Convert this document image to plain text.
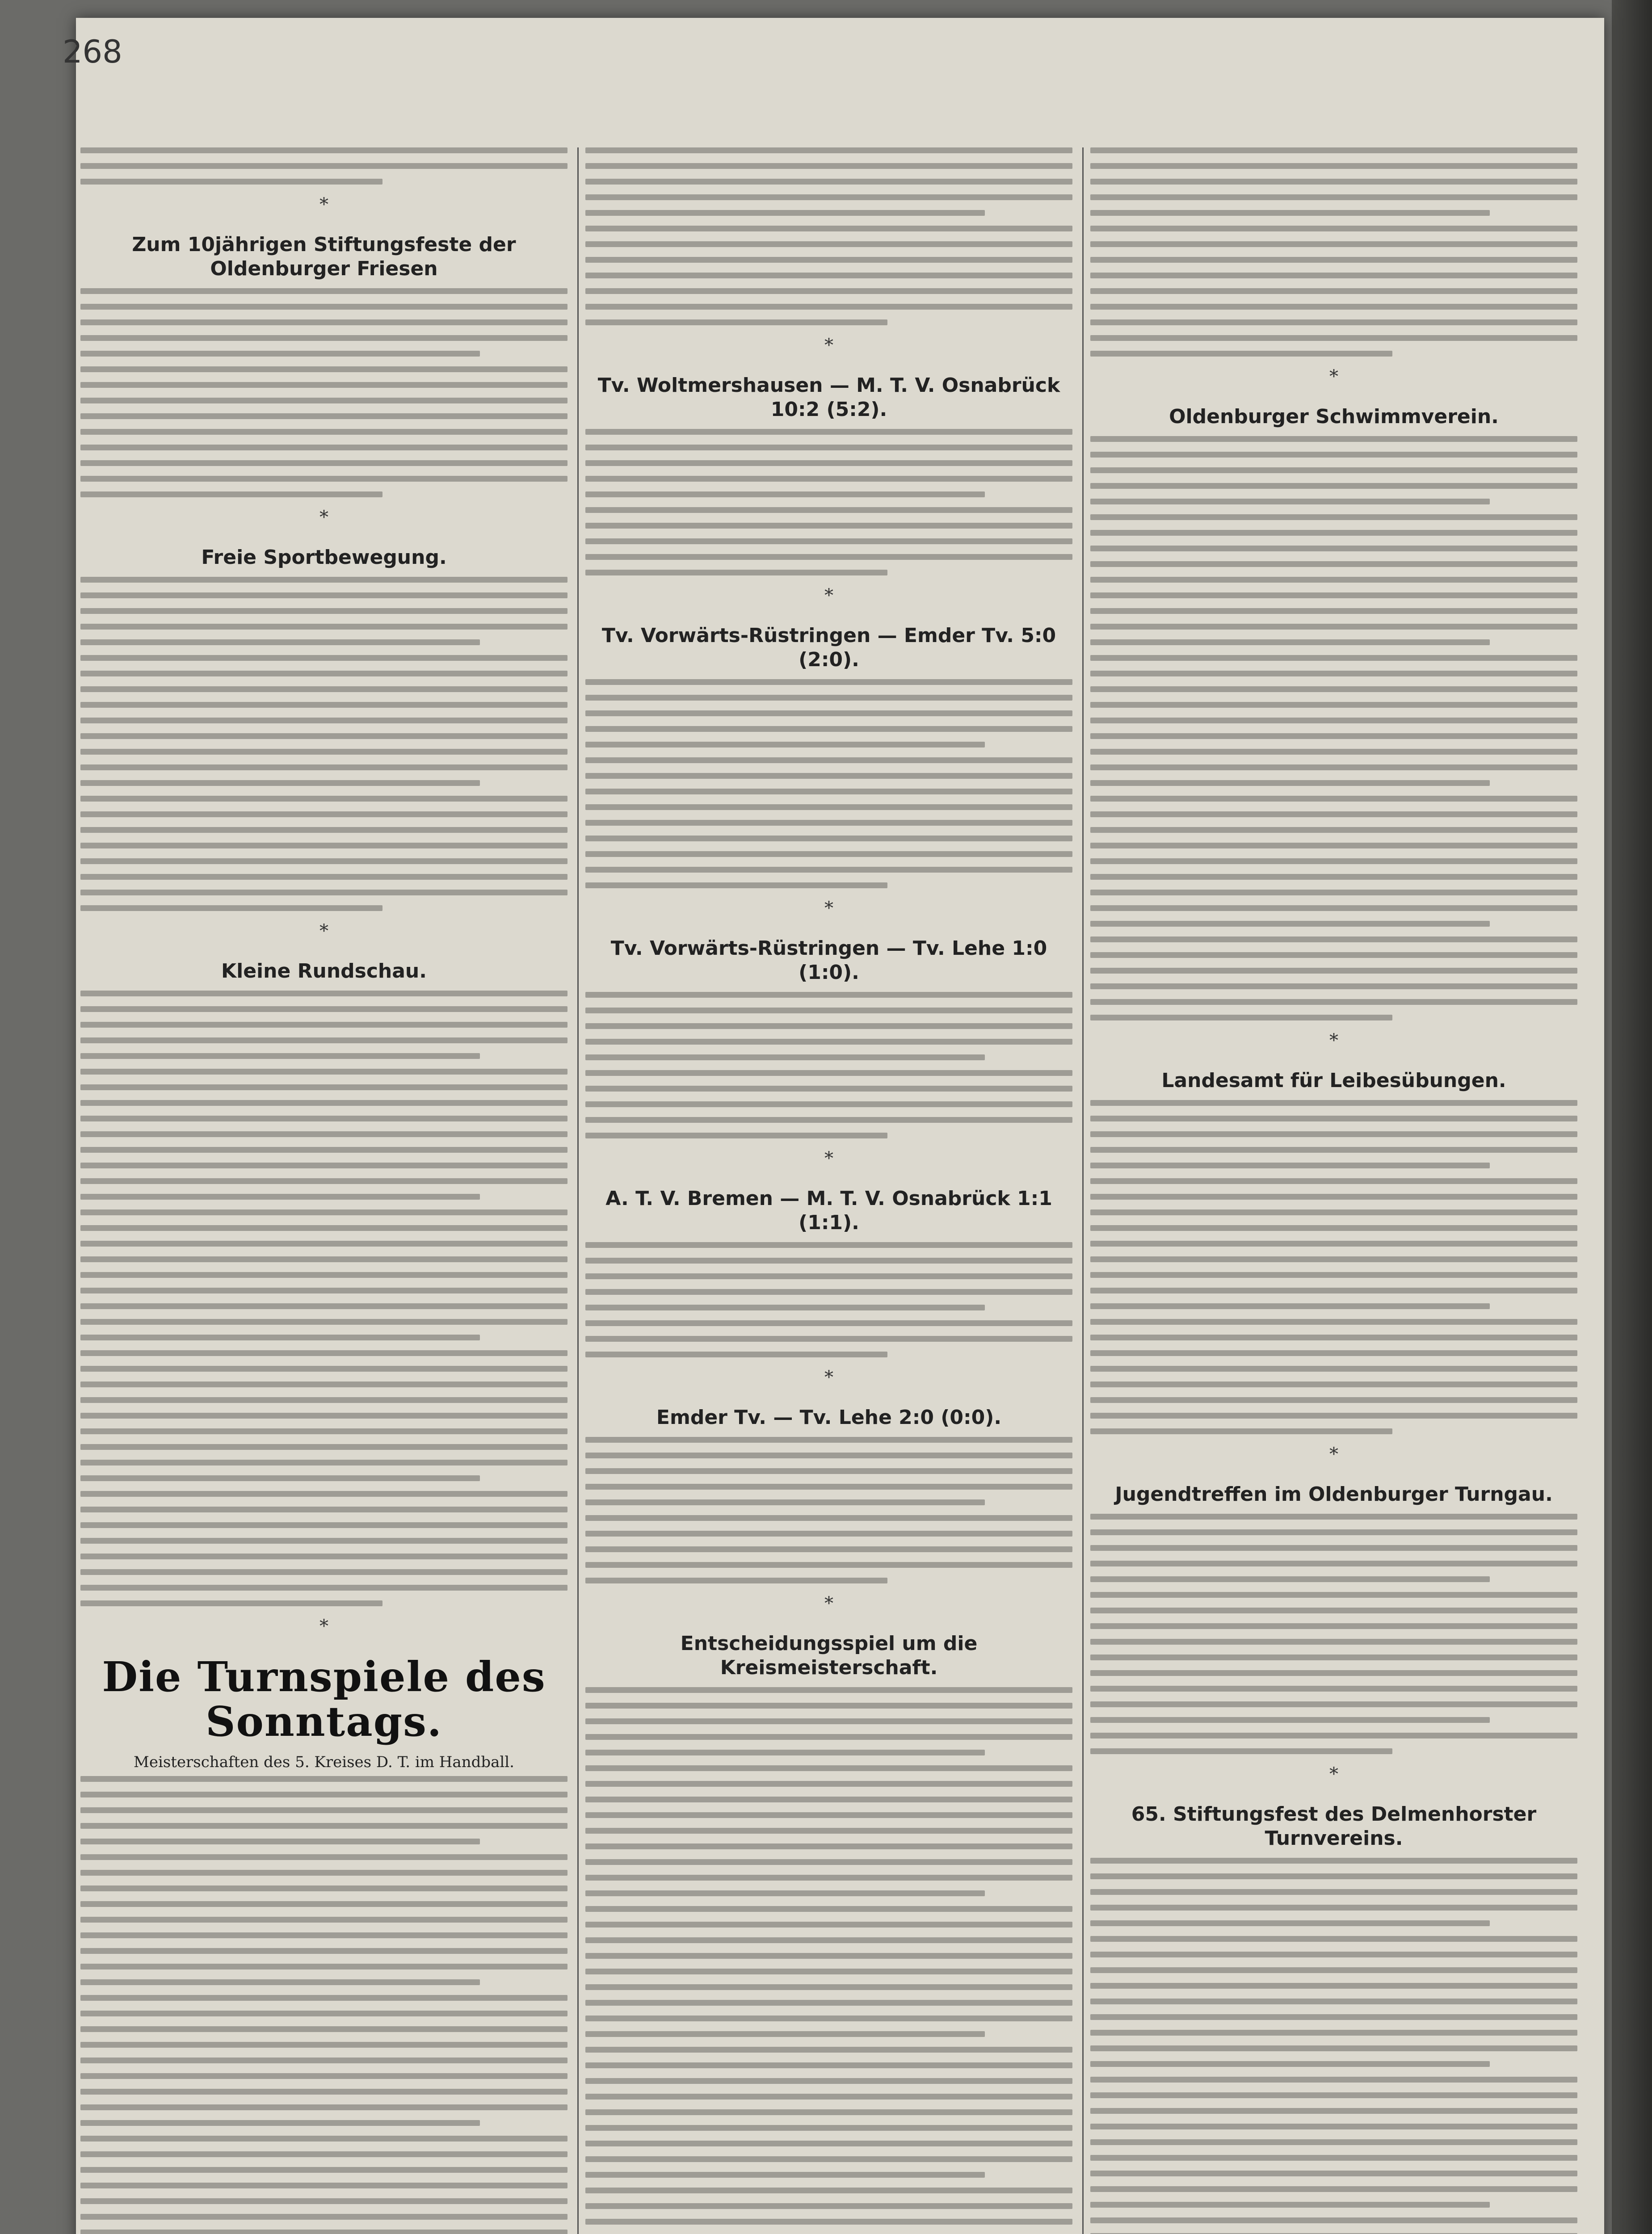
268
*
Zum 10jährigen Stiftungsfeste der Oldenburger Friesen
*
Freie Sportbewegung.
*
Kleine Rundschau.
*
Die Turnspiele des Sonntags.
Meisterschaften des 5. Kreises D. T. im Handball.
*
Tv. Woltmershausen — M. T. V. Osnabrück 10:2 (5:2).
*
Tv. Vorwärts-Rüstringen — Emder Tv. 5:0 (2:0).
*
Tv. Vorwärts-Rüstringen — Tv. Lehe 1:0 (1:0).
*
A. T. V. Bremen — M. T. V. Osnabrück 1:1 (1:1).
*
Emder Tv. — Tv. Lehe 2:0 (0:0).
*
Entscheidungsspiel um die Kreismeisterschaft.
*
Oldenburger Schwimmverein.
*
Landesamt für Leibesübungen.
*
Jugendtreffen im Oldenburger Turngau.
*
65. Stiftungsfest des Delmenhorster Turnvereins.
